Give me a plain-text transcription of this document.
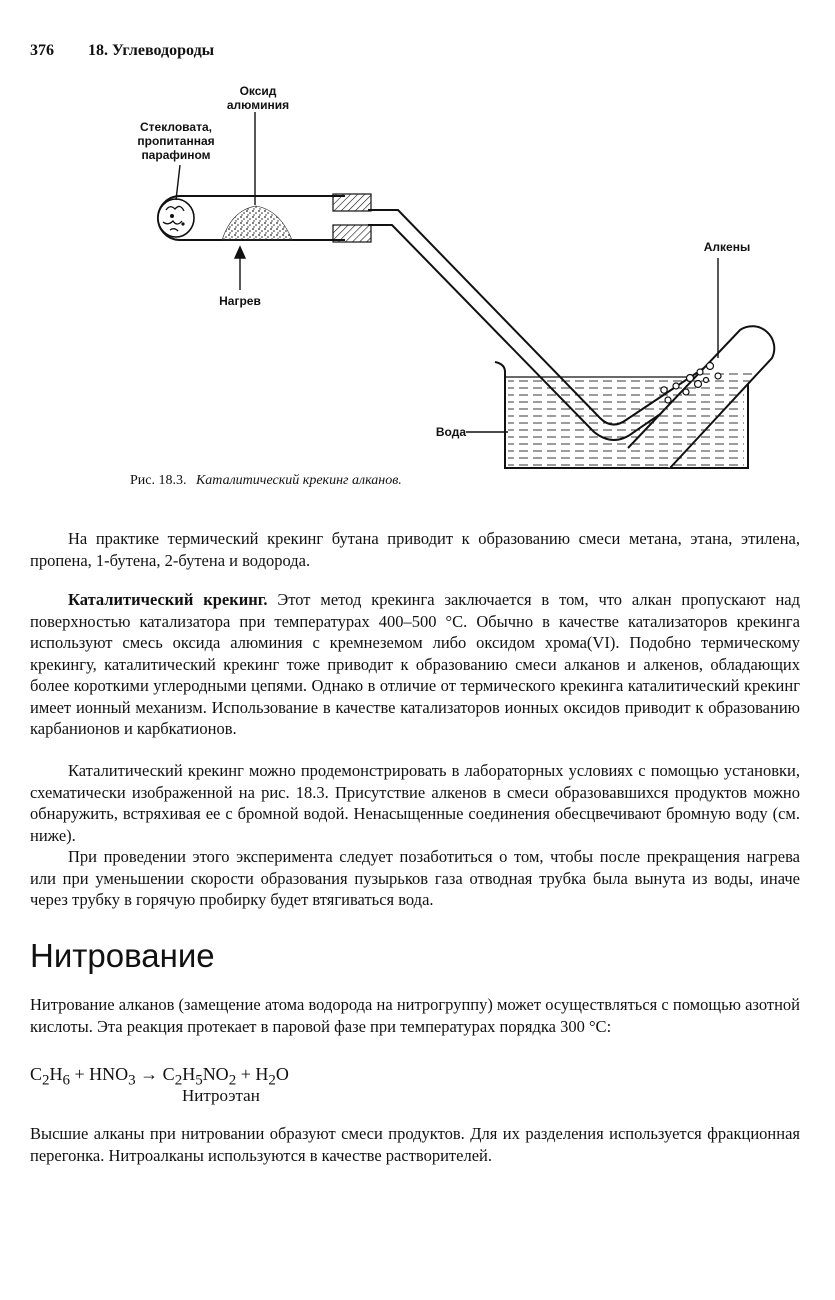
376 18. Углеводороды
Оксид
алюминия
Стекловата,
пропитанная
парафином
Нагрев
Алкены
Вода
Рис. 18.3. Каталитический крекинг алканов.

На практике термический крекинг бутана приводит к образованию смеси метана, этана, этилена, пропена, 1-бутена, 2-бутена и водорода.

Каталитический крекинг. Этот метод крекинга заключается в том, что алкан пропускают над поверхностью катализатора при температурах 400–500 °С. Обычно в качестве катализаторов крекинга используют смесь оксида алюминия с кремнеземом либо оксидом хрома(VI). Подобно термическому крекингу, каталитический крекинг тоже приводит к образованию смеси алканов и алкенов, обладающих более короткими углеродными цепями. Однако в отличие от термического крекинга каталитический крекинг имеет ионный механизм. Использование в качестве катализаторов ионных оксидов приводит к образованию карбанионов и карбкатионов.

Каталитический крекинг можно продемонстрировать в лабораторных условиях с помощью установки, схематически изображенной на рис. 18.3. Присутствие алкенов в смеси образовавшихся продуктов можно обнаружить, встряхивая ее с бромной водой. Ненасыщенные соединения обесцвечивают бромную воду (см. ниже).

При проведении этого эксперимента следует позаботиться о том, чтобы после прекращения нагрева или при уменьшении скорости образования пузырьков газа отводная трубка была вынута из воды, иначе через трубку в горячую пробирку будет втягиваться вода.

Нитрование

Нитрование алканов (замещение атома водорода на нитрогруппу) может осуществляться с помощью азотной кислоты. Эта реакция протекает в паровой фазе при температурах порядка 300 °С:

$C_2H_6 + HNO_3 \to C_2H_5NO_2 + H_2O$
Нитроэтан

Высшие алканы при нитровании образуют смеси продуктов. Для их разделения используется фракционная перегонка. Нитроалканы используются в качестве растворителей.
